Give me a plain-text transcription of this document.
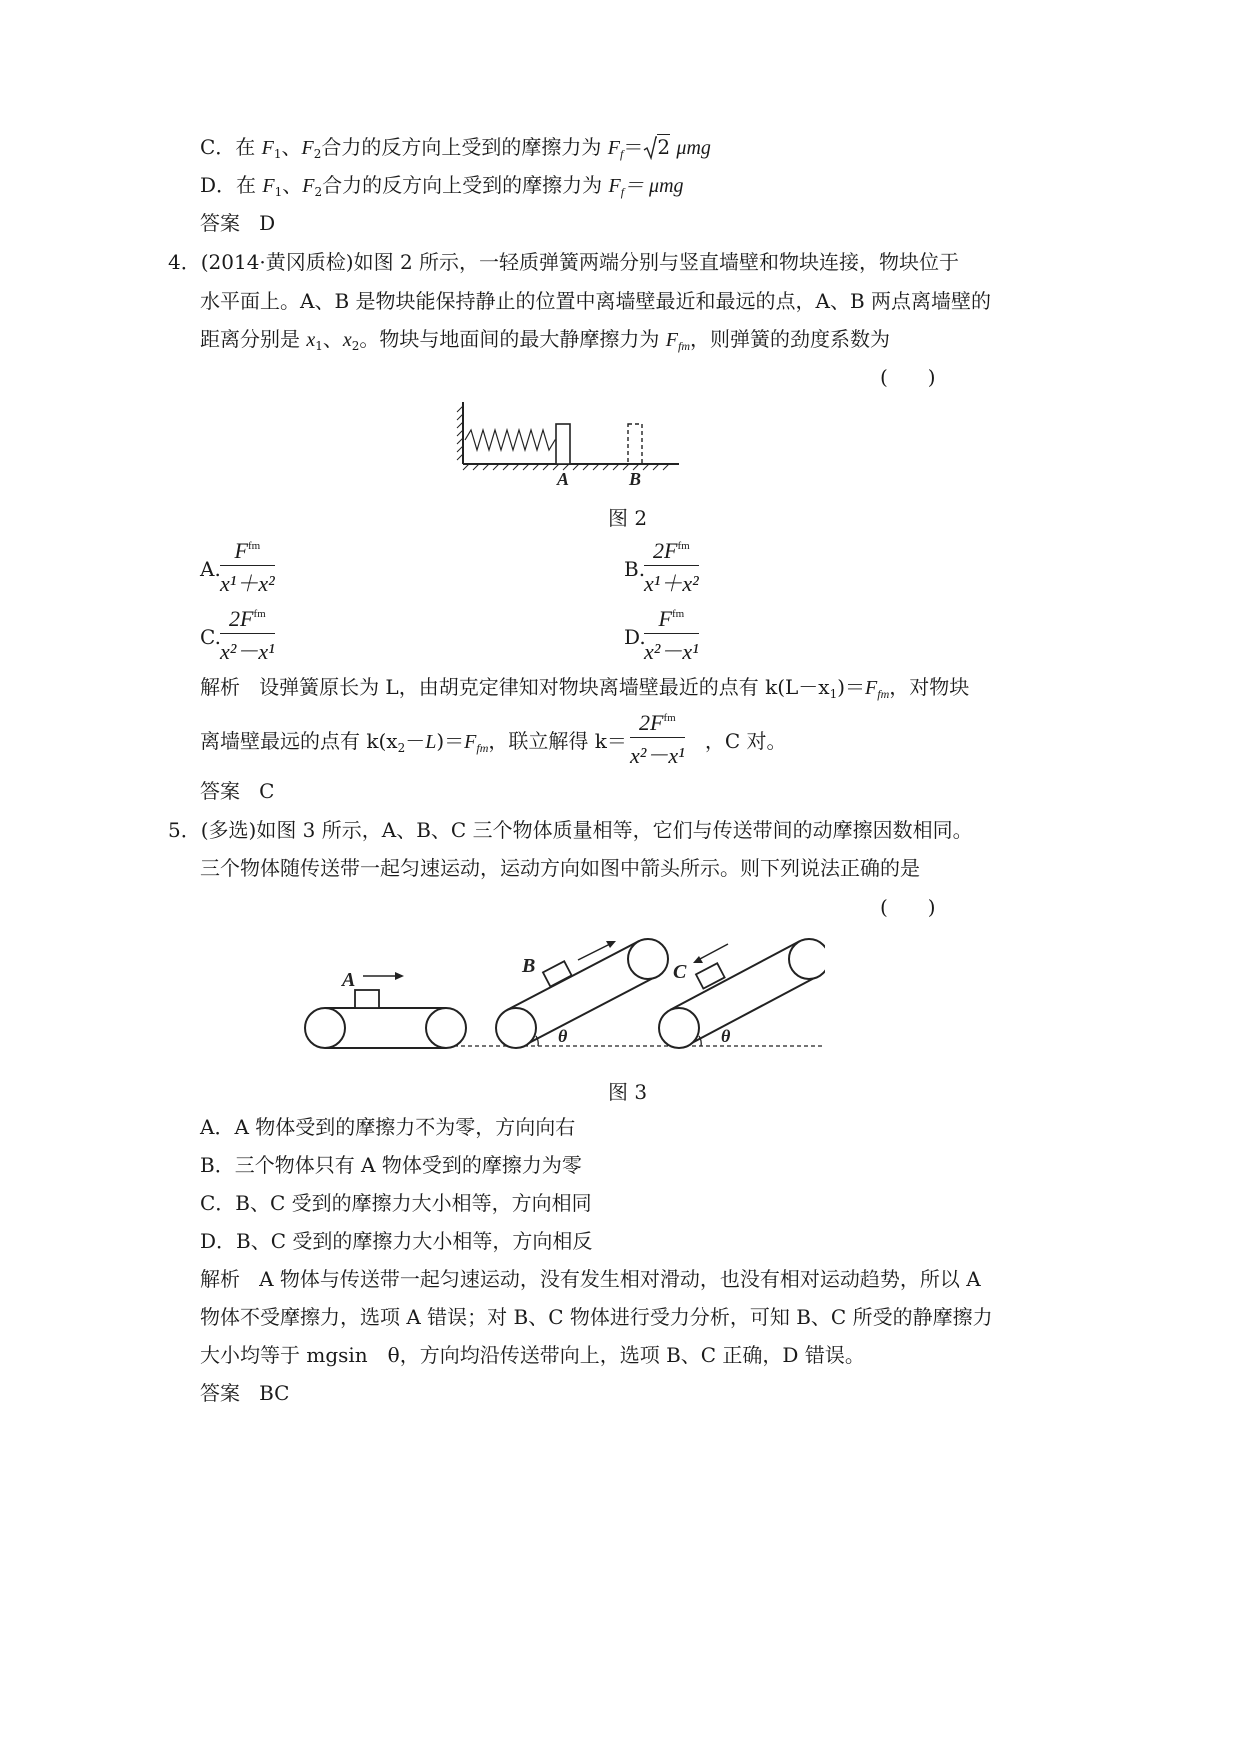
C．在 $F_1$、$F_2$合力的反方向上受到的摩擦力为 $F_f= 2$ μmg
D．在 $F_1$、$F_2$合力的反方向上受到的摩擦力为 $F_f= \mu mg$
答案 D
4．(2014·黄冈质检)如图 2 所示，一轻质弹簧两端分别与竖直墙壁和物块连接，物块位于
水平面上。A、B 是物块能保持静止的位置中离墙壁最近和最远的点，A、B 两点离墙壁的
距离分别是 $x_1$、$x_2$。物块与地面间的最大静摩擦力为 $F_{fm}$，则弹簧的劲度系数为
(　　)
A	B
图 2
A.
$F^{fm}$
x¹＋x²
B.
$2F^{fm}$
x¹＋x²
C.
$2F^{fm}$
x²－x¹
D.
$F^{fm}$
x²－x¹
解析 设弹簧原长为 L，由胡克定律知对物块离墙壁最近的点有 $k(L-x_1)=F_{fm}$，对物块
离墙壁最远的点有 $k(x_2-L)=F_{fm}$，联立解得 k＝	，C 对。
$2F^{fm}$
x²－x¹
答案 C
5．(多选)如图 3 所示，A、B、C 三个物体质量相等，它们与传送带间的动摩擦因数相同。
三个物体随传送带一起匀速运动，运动方向如图中箭头所示。则下列说法正确的是
(　　)
A
B
θ
C
θ
图 3
A．A 物体受到的摩擦力不为零，方向向右
B．三个物体只有 A 物体受到的摩擦力为零
C．B、C 受到的摩擦力大小相等，方向相同
D．B、C 受到的摩擦力大小相等，方向相反
解析 A 物体与传送带一起匀速运动，没有发生相对滑动，也没有相对运动趋势，所以 A
物体不受摩擦力，选项 A 错误；对 B、C 物体进行受力分析，可知 B、C 所受的静摩擦力
大小均等于 mgsin　θ，方向均沿传送带向上，选项 B、C 正确，D 错误。
答案 BC
